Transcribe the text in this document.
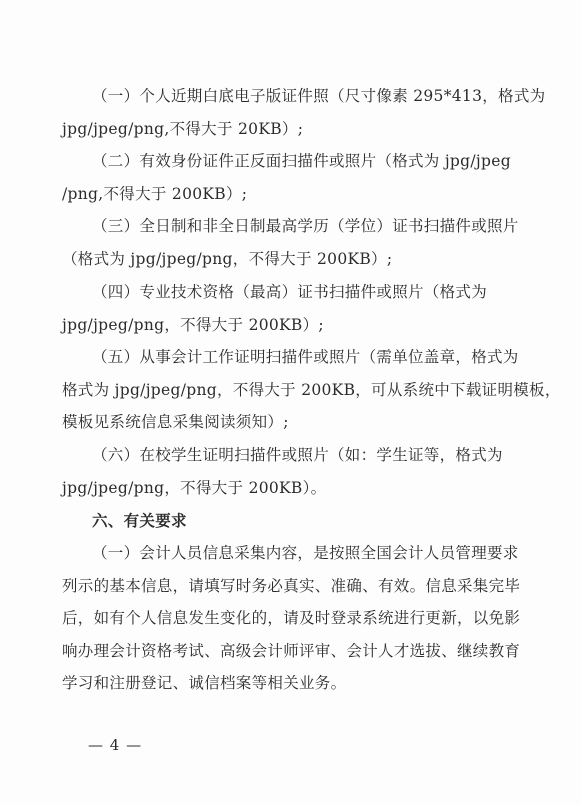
（一）个人近期白底电子版证件照（尺寸像素 295*413，格式为
jpg/jpeg/png,不得大于 20KB）;
（二）有效身份证件正反面扫描件或照片（格式为 jpg/jpeg
/png,不得大于 200KB）;
（三）全日制和非全日制最高学历（学位）证书扫描件或照片
（格式为 jpg/jpeg/png，不得大于 200KB）;
（四）专业技术资格（最高）证书扫描件或照片（格式为
jpg/jpeg/png，不得大于 200KB）;
（五）从事会计工作证明扫描件或照片（需单位盖章，格式为
格式为 jpg/jpeg/png，不得大于 200KB，可从系统中下载证明模板，
模板见系统信息采集阅读须知）;
（六）在校学生证明扫描件或照片（如：学生证等，格式为
jpg/jpeg/png，不得大于 200KB）。
六、有关要求
（一）会计人员信息采集内容，是按照全国会计人员管理要求
列示的基本信息，请填写时务必真实、准确、有效。信息采集完毕
后，如有个人信息发生变化的，请及时登录系统进行更新，以免影
响办理会计资格考试、高级会计师评审、会计人才选拔、继续教育
学习和注册登记、诚信档案等相关业务。
— 4 —
